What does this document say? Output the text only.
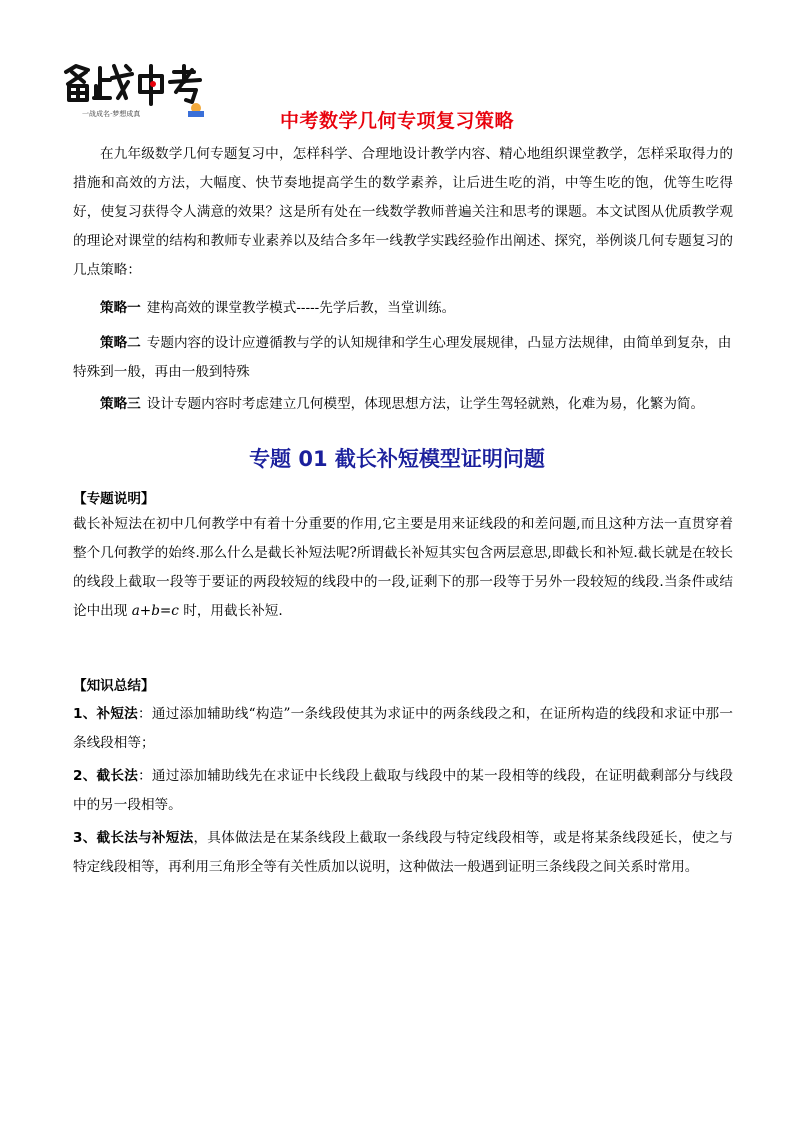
一战成名·梦想成真	中考数学几何专项复习策略
在九年级数学几何专题复习中，怎样科学、合理地设计教学内容、精心地组织课堂教学，怎样采取得力的措施和高效的方法，大幅度、快节奏地提高学生的数学素养，让后进生吃的消，中等生吃的饱，优等生吃得好，使复习获得令人满意的效果？这是所有处在一线数学教师普遍关注和思考的课题。本文试图从优质教学观的理论对课堂的结构和教师专业素养以及结合多年一线教学实践经验作出阐述、探究，举例谈几何专题复习的几点策略：
策略一 建构高效的课堂教学模式-----先学后教，当堂训练。
策略二 专题内容的设计应遵循教与学的认知规律和学生心理发展规律，凸显方法规律，由简单到复杂，由特殊到一般，再由一般到特殊
策略三 设计专题内容时考虑建立几何模型，体现思想方法，让学生驾轻就熟，化难为易，化繁为简。
专题 01 截长补短模型证明问题
【专题说明】
截长补短法在初中几何教学中有着十分重要的作用,它主要是用来证线段的和差问题,而且这种方法一直贯穿着整个几何教学的始终.那么什么是截长补短法呢?所谓截长补短其实包含两层意思,即截长和补短.截长就是在较长的线段上截取一段等于要证的两段较短的线段中的一段,证剩下的那一段等于另外一段较短的线段.当条件或结论中出现 a+b=c 时，用截长补短.
【知识总结】
1、补短法：通过添加辅助线“构造”一条线段使其为求证中的两条线段之和，在证所构造的线段和求证中那一条线段相等；
2、截长法：通过添加辅助线先在求证中长线段上截取与线段中的某一段相等的线段，在证明截剩部分与线段中的另一段相等。
3、截长法与补短法，具体做法是在某条线段上截取一条线段与特定线段相等，或是将某条线段延长，使之与特定线段相等，再利用三角形全等有关性质加以说明，这种做法一般遇到证明三条线段之间关系时常用。
